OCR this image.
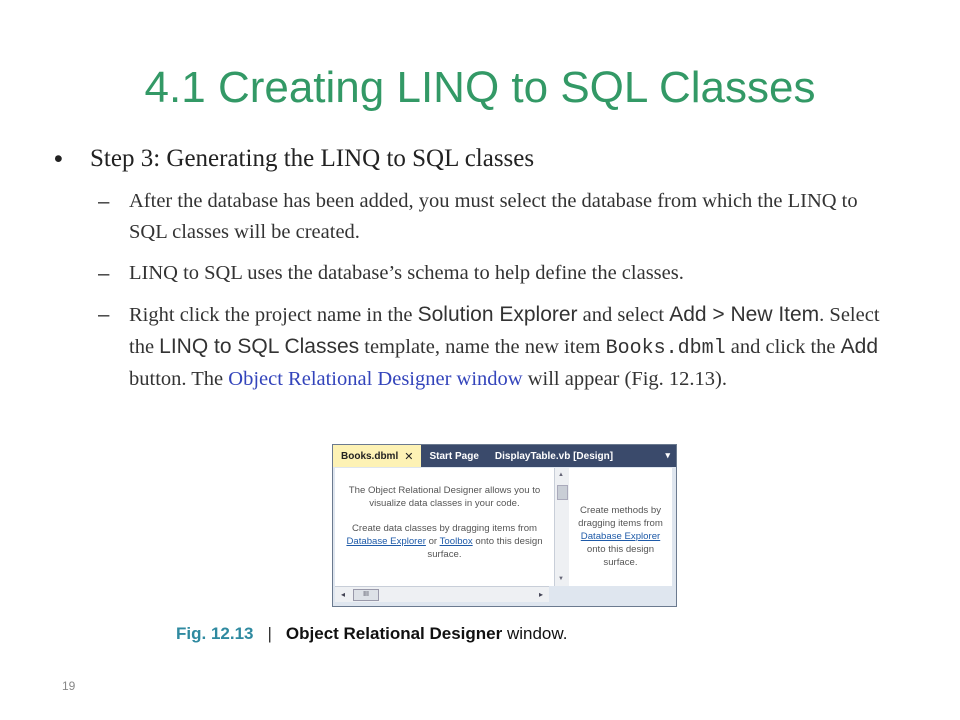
4.1 Creating LINQ to SQL Classes
• Step 3: Generating the LINQ to SQL classes
– After the database has been added, you must select the database from which the LINQ to SQL classes will be created.
– LINQ to SQL uses the database’s schema to help define the classes.
– Right click the project name in the Solution Explorer and select Add > New Item. Select the LINQ to SQL Classes template, name the new item Books.dbml and click the Add button. The Object Relational Designer window will appear (Fig. 12.13).
Books.dbml ✕ Start Page DisplayTable.vb [Design]	▾

The Object Relational Designer allows you to visualize data classes in your code.

Create data classes by dragging items from

Database Explorer or Toolbox onto this design surface.

▲
▼

Create methods by dragging items from

Database Explorer

onto this design surface.

◂	III	▸
Fig. 12.13 | Object Relational Designer window.
19
